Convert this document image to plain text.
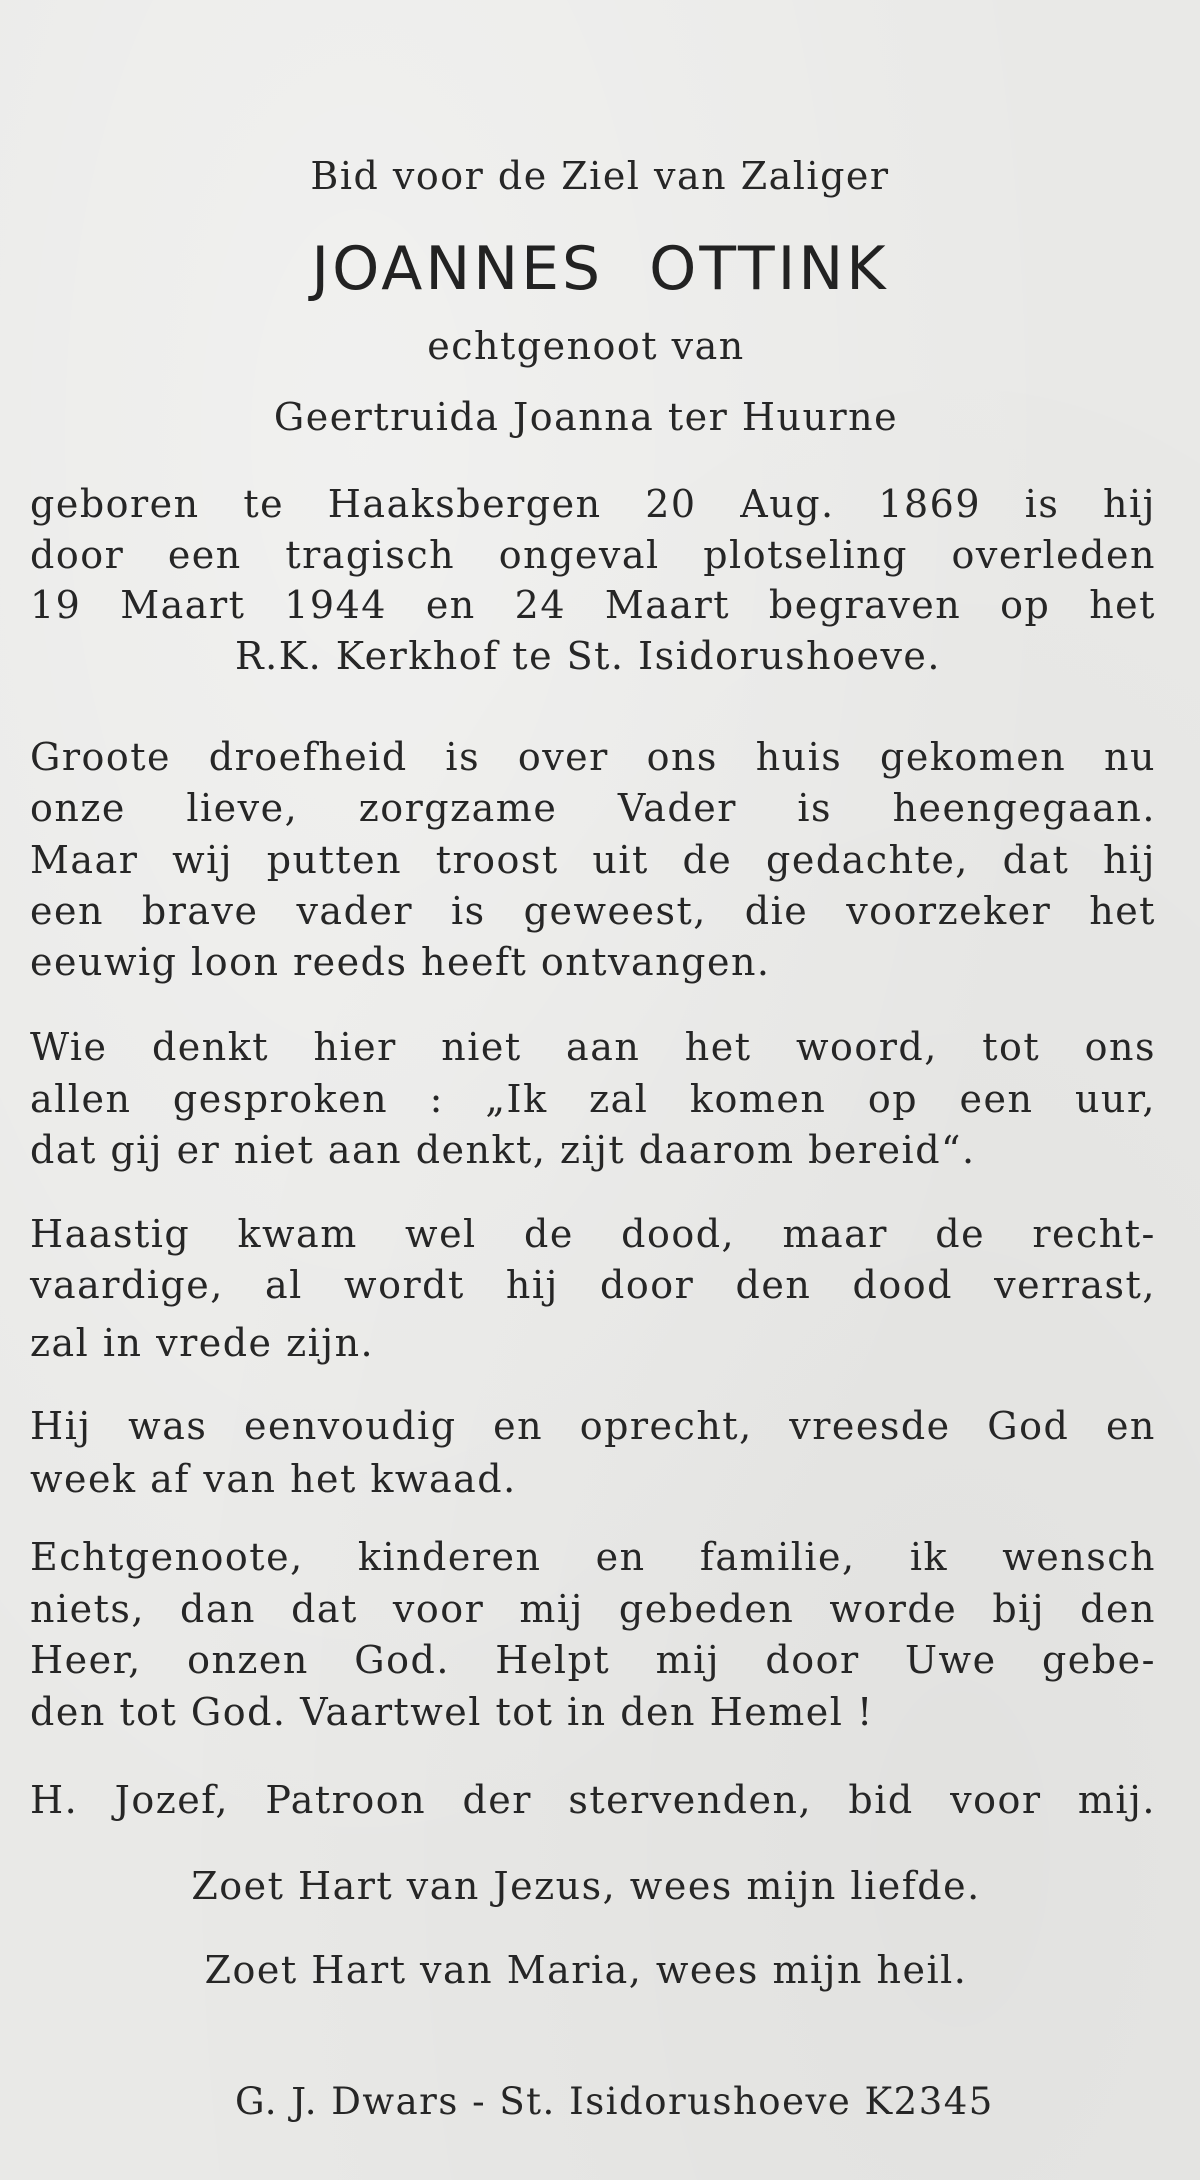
Bid voor de Ziel van Zaliger

JOANNES OTTINK

echtgenoot van

Geertruida Joanna ter Huurne

geboren te Haaksbergen 20 Aug. 1869 is hij

door een tragisch ongeval plotseling overleden

19 Maart 1944 en 24 Maart begraven op het

R.K. Kerkhof te St. Isidorushoeve.

Groote droefheid is over ons huis gekomen nu

onze lieve, zorgzame Vader is heengegaan.

Maar wij putten troost uit de gedachte, dat hij

een brave vader is geweest, die voorzeker het

eeuwig loon reeds heeft ontvangen.

Wie denkt hier niet aan het woord, tot ons

allen gesproken : „Ik zal komen op een uur,

dat gij er niet aan denkt, zijt daarom bereid“.

Haastig kwam wel de dood, maar de recht-

vaardige, al wordt hij door den dood verrast,

zal in vrede zijn.

Hij was eenvoudig en oprecht, vreesde God en

week af van het kwaad.

Echtgenoote, kinderen en familie, ik wensch

niets, dan dat voor mij gebeden worde bij den

Heer, onzen God. Helpt mij door Uwe gebe-

den tot God. Vaartwel tot in den Hemel !

H. Jozef, Patroon der stervenden, bid voor mij.

Zoet Hart van Jezus, wees mijn liefde.

Zoet Hart van Maria, wees mijn heil.

G. J. Dwars - St. Isidorushoeve K2345
